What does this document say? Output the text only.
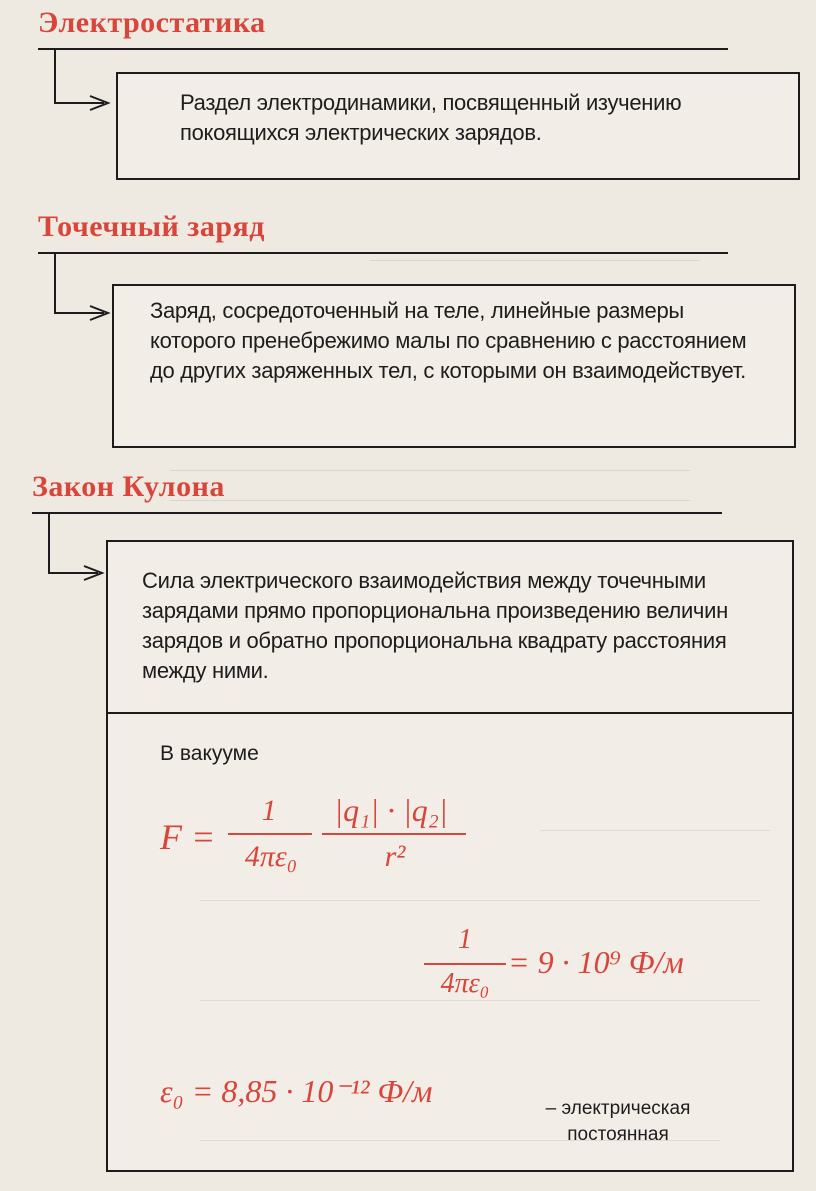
Электростатика
Раздел электродинамики, посвященный изучению покоящихся электрических зарядов.
Точечный заряд
Заряд, сосредоточенный на теле, линейные размеры которого пренебрежимо малы по сравнению с расстоянием до других заряженных тел, с которыми он взаимодействует.
Закон Кулона
Сила электрического взаимодействия между точечными зарядами прямо пропорциональна произведению величин зарядов и обратно пропорциональна квадрату расстояния между ними.
В вакууме
F =
1
4πε₀
|q₁| · |q₂|
r²
1
4πε₀
= 9 · 10⁹ Ф/м
ε₀ = 8,85 · 10⁻¹² Ф/м	– электрическая постоянная
